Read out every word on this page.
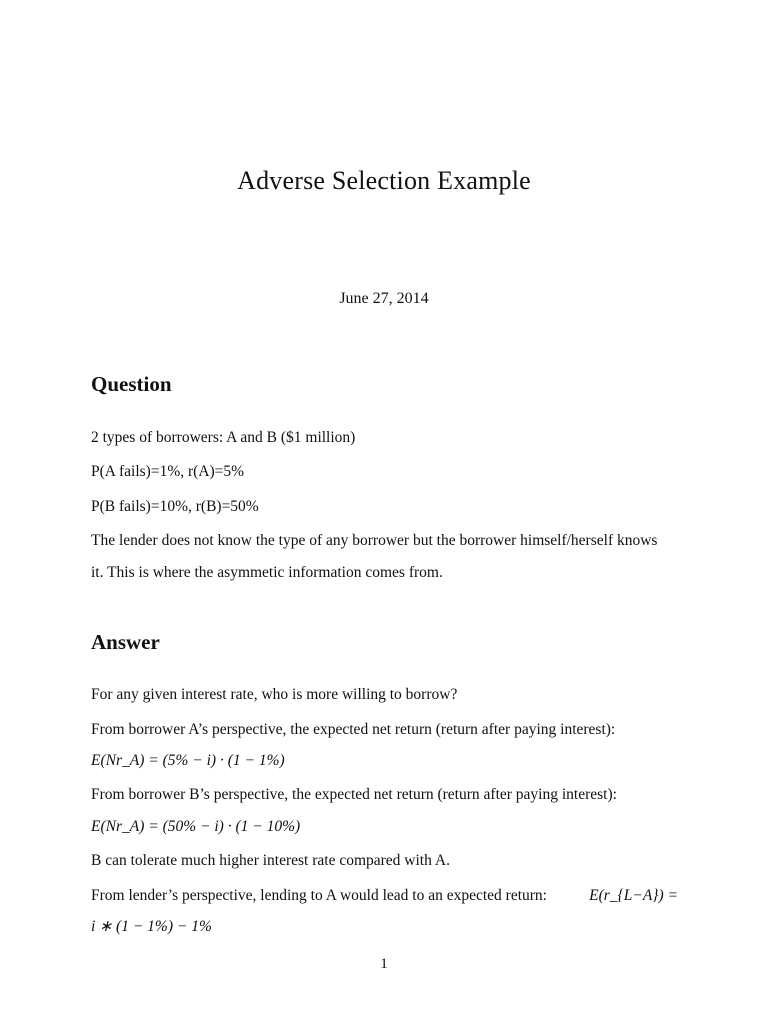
Adverse Selection Example
June 27, 2014
Question
2 types of borrowers: A and B ($1 million)
P(A fails)=1%, r(A)=5%
P(B fails)=10%, r(B)=50%
The lender does not know the type of any borrower but the borrower himself/herself knows
it. This is where the asymmetic information comes from.
Answer
For any given interest rate, who is more willing to borrow?
From borrower A’s perspective, the expected net return (return after paying interest):
E(Nr_A) = (5% − i) · (1 − 1%)
From borrower B’s perspective, the expected net return (return after paying interest):
E(Nr_A) = (50% − i) · (1 − 10%)
B can tolerate much higher interest rate compared with A.
From lender’s perspective, lending to A would lead to an expected return:	E(r_{L−A}) =
i ∗ (1 − 1%) − 1%
1
